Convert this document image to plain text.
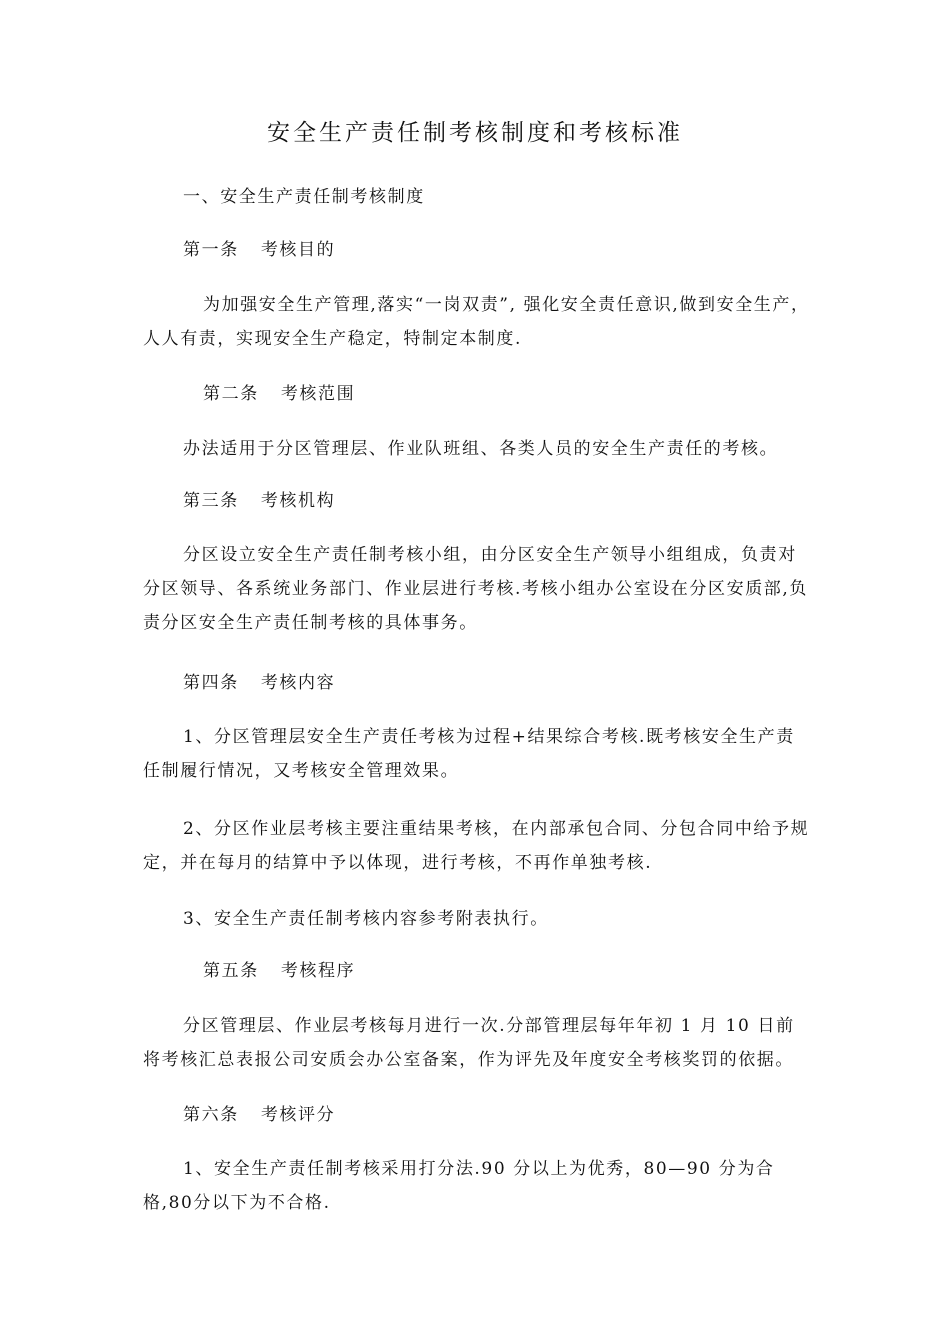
安全生产责任制考核制度和考核标准
一、安全生产责任制考核制度
第一条 考核目的
为加强安全生产管理,落实“一岗双责”, 强化安全责任意识,做到安全生产，人人有责，实现安全生产稳定，特制定本制度.
第二条 考核范围
办法适用于分区管理层、作业队班组、各类人员的安全生产责任的考核。
第三条 考核机构
分区设立安全生产责任制考核小组，由分区安全生产领导小组组成，负责对分区领导、各系统业务部门、作业层进行考核.考核小组办公室设在分区安质部,负责分区安全生产责任制考核的具体事务。
第四条 考核内容
1、分区管理层安全生产责任考核为过程+结果综合考核.既考核安全生产责任制履行情况，又考核安全管理效果。
2、分区作业层考核主要注重结果考核，在内部承包合同、分包合同中给予规定，并在每月的结算中予以体现，进行考核，不再作单独考核.
3、安全生产责任制考核内容参考附表执行。
第五条 考核程序
分区管理层、作业层考核每月进行一次.分部管理层每年年初 1 月 10 日前将考核汇总表报公司安质会办公室备案，作为评先及年度安全考核奖罚的依据。
第六条 考核评分
1、安全生产责任制考核采用打分法.90 分以上为优秀，80—90 分为合格,80分以下为不合格.
